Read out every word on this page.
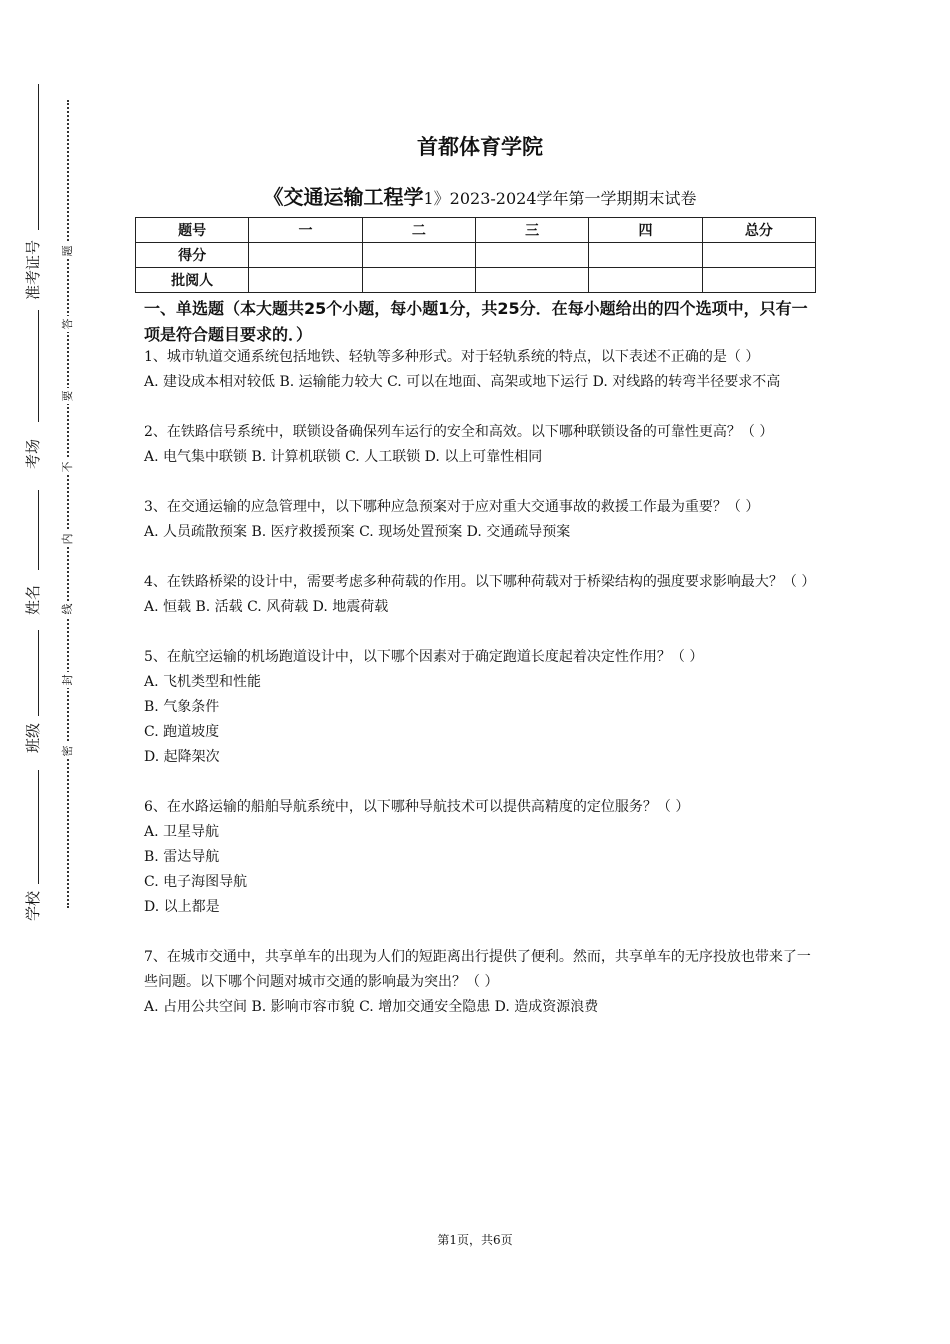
准考证号
考场
姓名
班级
学校
题
答
要
不
内
线
封
密
首都体育学院
《交通运输工程学1》2023-2024学年第一学期期末试卷
题号	一	二	三	四	总分
得分					
批阅人					
一、单选题（本大题共25个小题，每小题1分，共25分．在每小题给出的四个选项中，只有一项是符合题目要求的．）
1、城市轨道交通系统包括地铁、轻轨等多种形式。对于轻轨系统的特点，以下表述不正确的是（ ）
A. 建设成本相对较低 B. 运输能力较大 C. 可以在地面、高架或地下运行 D. 对线路的转弯半径要求不高
2、在铁路信号系统中，联锁设备确保列车运行的安全和高效。以下哪种联锁设备的可靠性更高？（ ）
A. 电气集中联锁 B. 计算机联锁 C. 人工联锁 D. 以上可靠性相同
3、在交通运输的应急管理中，以下哪种应急预案对于应对重大交通事故的救援工作最为重要？（ ）
A. 人员疏散预案 B. 医疗救援预案 C. 现场处置预案 D. 交通疏导预案
4、在铁路桥梁的设计中，需要考虑多种荷载的作用。以下哪种荷载对于桥梁结构的强度要求影响最大？（ ）
A. 恒载 B. 活载 C. 风荷载 D. 地震荷载
5、在航空运输的机场跑道设计中，以下哪个因素对于确定跑道长度起着决定性作用？（ ）
A. 飞机类型和性能
B. 气象条件
C. 跑道坡度
D. 起降架次
6、在水路运输的船舶导航系统中，以下哪种导航技术可以提供高精度的定位服务？（ ）
A. 卫星导航
B. 雷达导航
C. 电子海图导航
D. 以上都是
7、在城市交通中，共享单车的出现为人们的短距离出行提供了便利。然而，共享单车的无序投放也带来了一些问题。以下哪个问题对城市交通的影响最为突出？（ ）
A. 占用公共空间 B. 影响市容市貌 C. 增加交通安全隐患 D. 造成资源浪费
第1页，共6页
